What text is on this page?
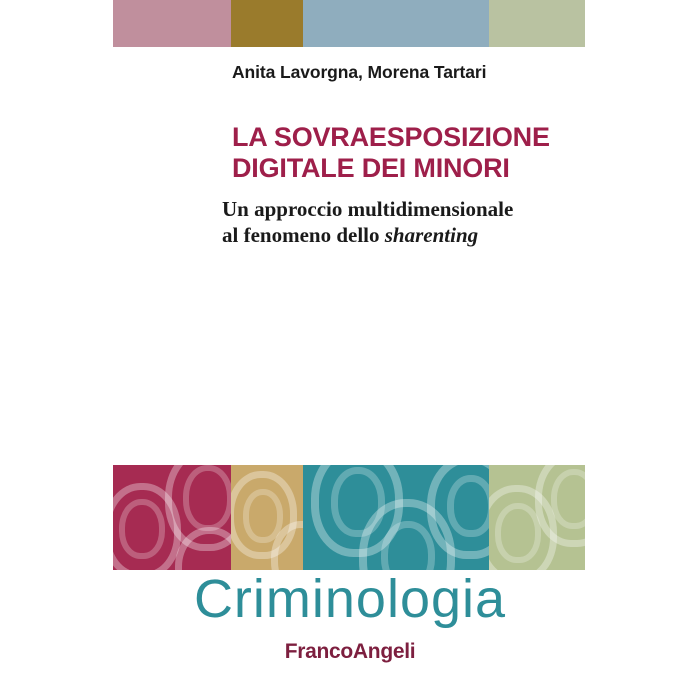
Anita Lavorgna, Morena Tartari
LA SOVRAESPOSIZIONE
DIGITALE DEI MINORI
Un approccio multidimensionale
al fenomeno dello sharenting
Criminologia
FrancoAngeli
